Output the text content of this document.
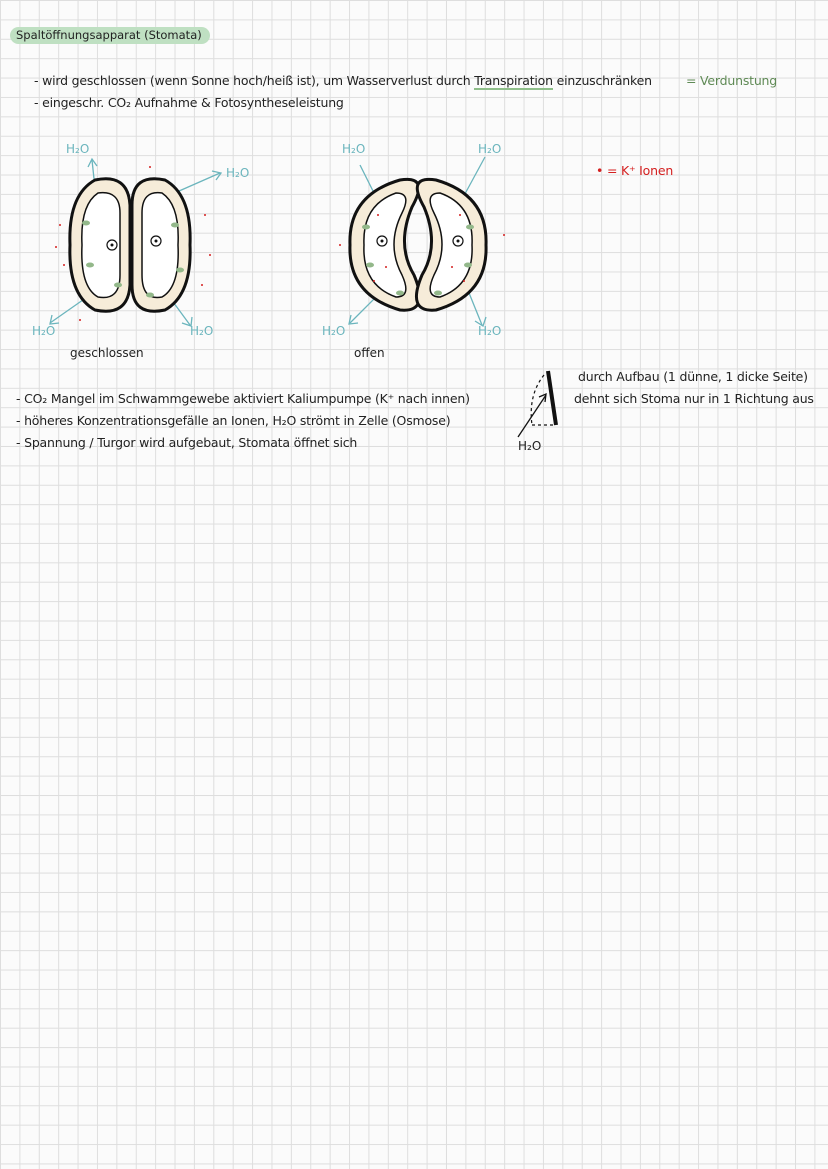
Spaltöffnungsapparat (Stomata)
- wird geschlossen (wenn Sonne hoch/heiß ist), um Wasserverlust durch Transpiration einzuschränken	= Verdunstung
- eingeschr. CO₂ Aufnahme & Fotosyntheseleistung
• = K⁺ Ionen
H₂O
H₂O
H₂O	H₂O
geschlossen
H₂O	H₂O
H₂O	H₂O
offen
- CO₂ Mangel im Schwammgewebe aktiviert Kaliumpumpe (K⁺ nach innen)
- höheres Konzentrationsgefälle an Ionen, H₂O strömt in Zelle (Osmose)
- Spannung / Turgor wird aufgebaut, Stomata öffnet sich	H₂O
durch Aufbau (1 dünne, 1 dicke Seite)
dehnt sich Stoma nur in 1 Richtung aus
